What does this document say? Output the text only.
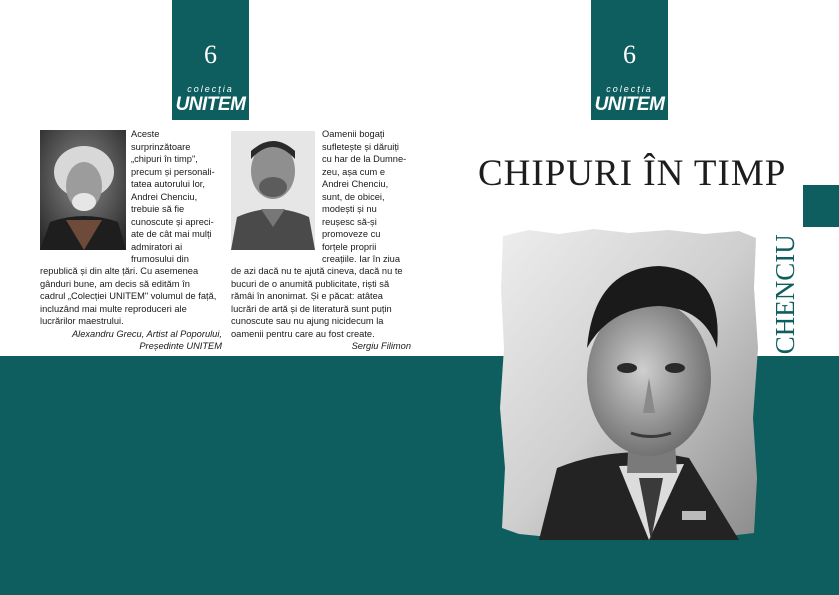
6
colecția
UNITEM
6
colecția
UNITEM

Aceste

surprinzătoare

„chipuri în timp",

precum și personali-

tatea autorului lor,

Andrei Chenciu,

trebuie să fie

cunoscute și apreci-

ate de cât mai mulți

admiratori ai

frumosului din

republică și din alte țări. Cu asemenea

gânduri bune, am decis să edităm în

cadrul „Colecției UNITEM" volumul de față,

incluzând mai multe reproduceri ale

lucrărilor maestrului.

Alexandru Grecu, Artist al Poporului,

Președinte UNITEM

Oamenii bogați

sufletește și dăruiți

cu har de la Dumne-

zeu, așa cum e

Andrei Chenciu,

sunt, de obicei,

modești și nu

reușesc să-și

promoveze cu

forțele proprii

creațiile. Iar în ziua

de azi dacă nu te ajută cineva, dacă nu te

bucuri de o anumită publicitate, riști să

rămâi în anonimat. Și e păcat: atâtea

lucrări de artă și de literatură sunt puțin

cunoscute sau nu ajung nicidecum la

oamenii pentru care au fost create.

Sergiu Filimon

CHIPURI ÎN TIMP
Andrei CHENCIU
